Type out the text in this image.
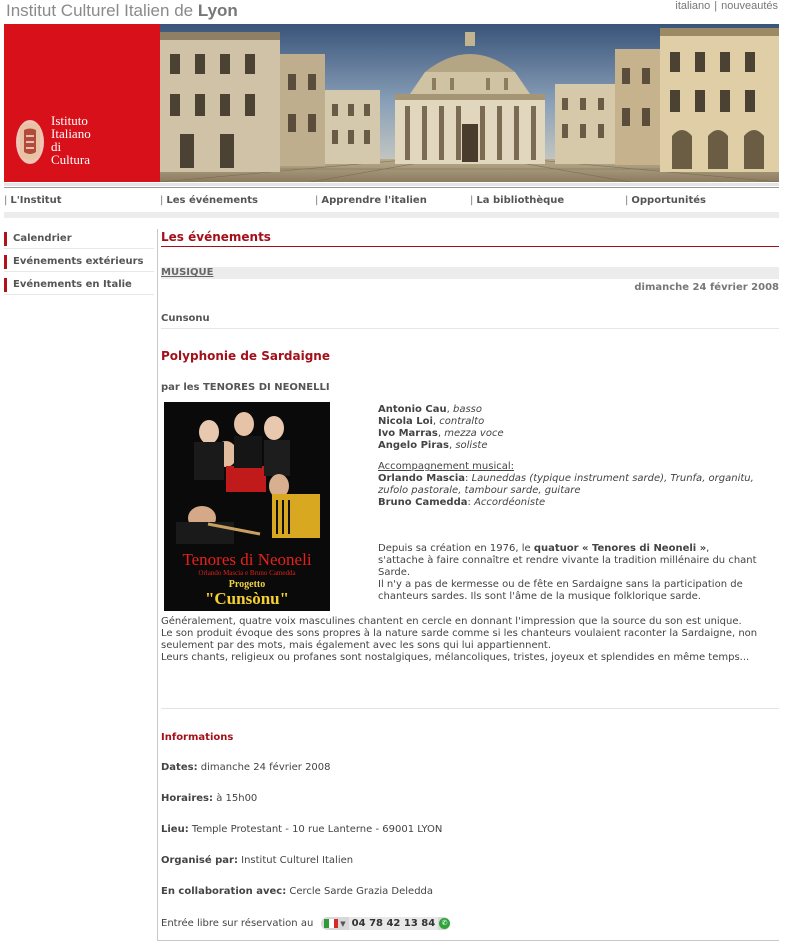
Institut Culturel Italien de Lyon	italiano | nouveautés
Istituto
Italiano
di
Cultura
| L'Institut	| Les événements	| Apprendre l'italien	| La bibliothèque	| Opportunités
Calendrier
Evénements extérieurs
Evénements en Italie
Les événements
MUSIQUE
dimanche 24 février 2008
Cunsonu
Polyphonie de Sardaigne
par les TENORES DI NEONELLI
Tenores di Neoneli
Orlando Mascia e Bruno Camedda
Progetto
"Cunsònu"
Antonio Cau, basso
Nicola Loi, contralto
Ivo Marras, mezza voce
Angelo Piras, soliste
Accompagnement musical:
Orlando Mascia: Launeddas (typique instrument sarde), Trunfa, organitu, zufolo pastorale, tambour sarde, guitare
Bruno Camedda: Accordéoniste
Depuis sa création en 1976, le quatuor « Tenores di Neoneli », s'attache à faire connaître et rendre vivante la tradition millénaire du chant Sarde.
Il n'y a pas de kermesse ou de fête en Sardaigne sans la participation de chanteurs sardes. Ils sont l'âme de la musique folklorique sarde.
Généralement, quatre voix masculines chantent en cercle en donnant l'impression que la source du son est unique.
Le son produit évoque des sons propres à la nature sarde comme si les chanteurs voulaient raconter la Sardaigne, non seulement par des mots, mais également avec les sons qui lui appartiennent.
Leurs chants, religieux ou profanes sont nostalgiques, mélancoliques, tristes, joyeux et splendides en même temps...
Informations
Dates: dimanche 24 février 2008
Horaires: à 15h00
Lieu: Temple Protestant - 10 rue Lanterne - 69001 LYON
Organisé par: Institut Culturel Italien
En collaboration avec: Cercle Sarde Grazia Deledda
Entrée libre sur réservation au	▼ 04 78 42 13 84 ✆
